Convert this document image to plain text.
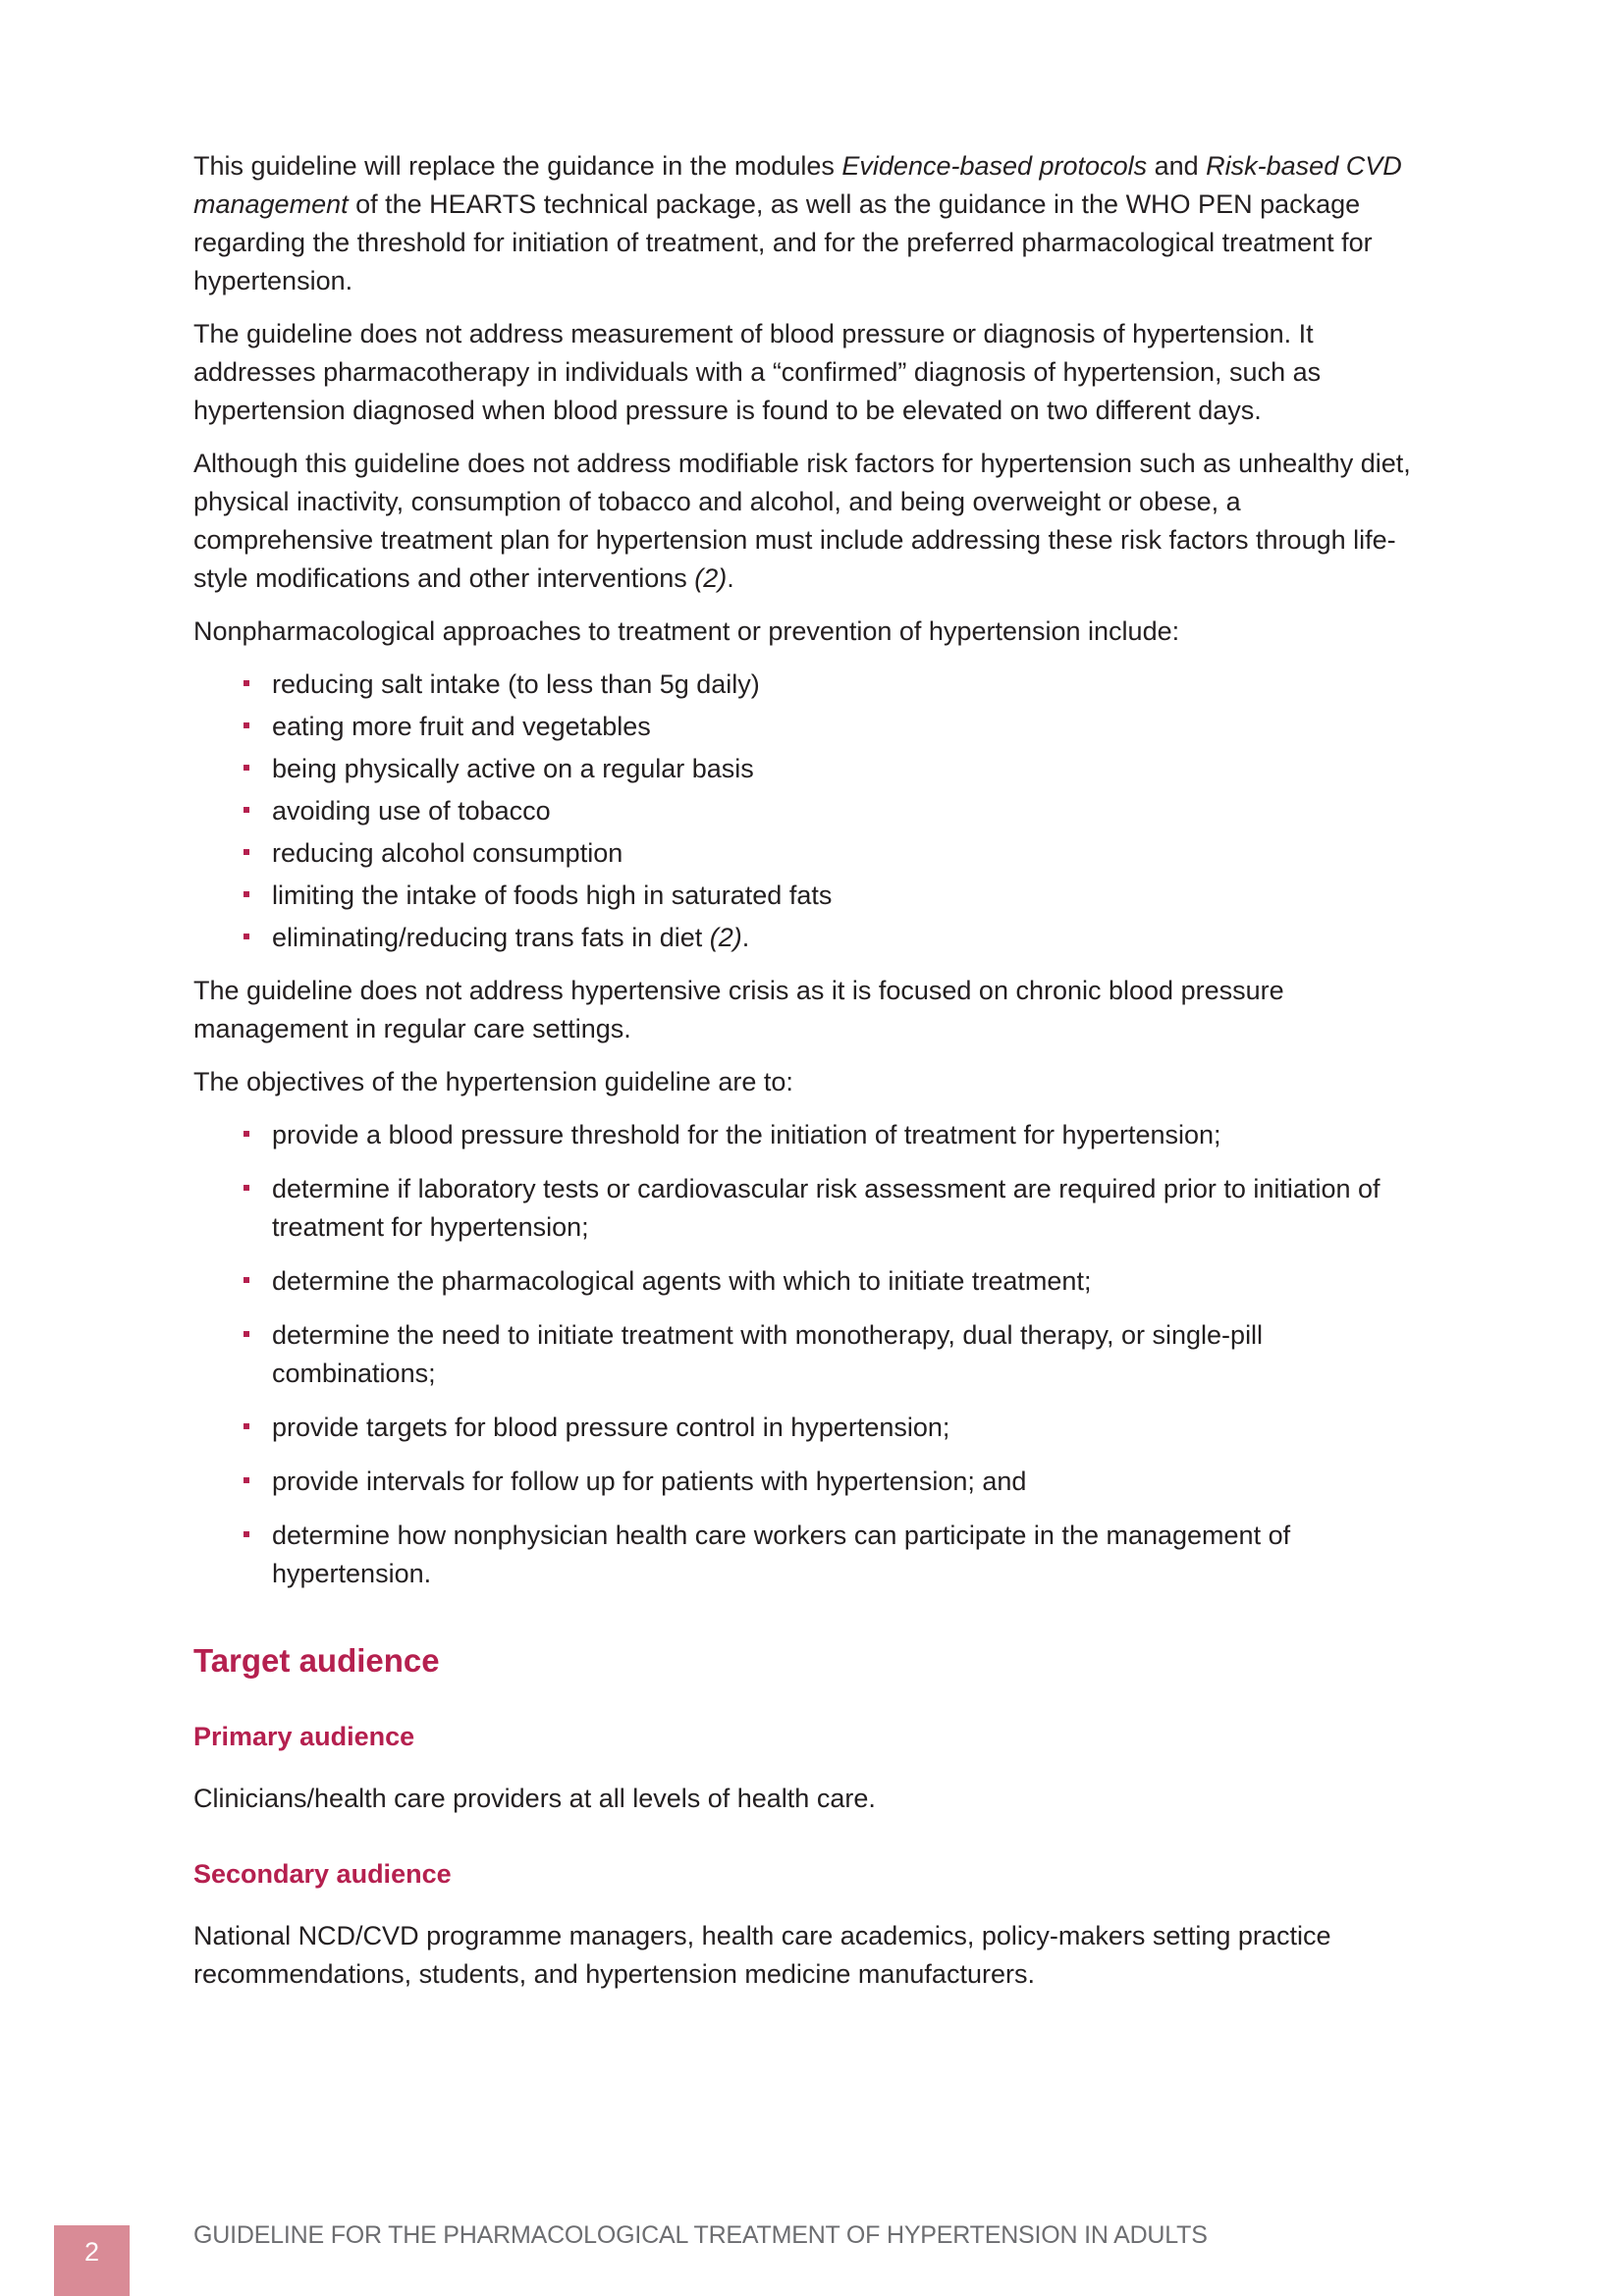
This guideline will replace the guidance in the modules Evidence-based protocols and Risk-based CVD management of the HEARTS technical package, as well as the guidance in the WHO PEN package regarding the threshold for initiation of treatment, and for the preferred pharmacological treatment for hypertension.

The guideline does not address measurement of blood pressure or diagnosis of hypertension. It addresses pharmacotherapy in individuals with a “confirmed” diagnosis of hypertension, such as hypertension diagnosed when blood pressure is found to be elevated on two different days.

Although this guideline does not address modifiable risk factors for hypertension such as unhealthy diet, physical inactivity, consumption of tobacco and alcohol, and being overweight or obese, a comprehensive treatment plan for hypertension must include addressing these risk factors through life-style modifications and other interventions (2).

Nonpharmacological approaches to treatment or prevention of hypertension include:

reducing salt intake (to less than 5g daily)
eating more fruit and vegetables
being physically active on a regular basis
avoiding use of tobacco
reducing alcohol consumption
limiting the intake of foods high in saturated fats
eliminating/reducing trans fats in diet (2).

The guideline does not address hypertensive crisis as it is focused on chronic blood pressure management in regular care settings.

The objectives of the hypertension guideline are to:

provide a blood pressure threshold for the initiation of treatment for hypertension;
determine if laboratory tests or cardiovascular risk assessment are required prior to initiation of treatment for hypertension;
determine the pharmacological agents with which to initiate treatment;
determine the need to initiate treatment with monotherapy, dual therapy, or single-pill combinations;
provide targets for blood pressure control in hypertension;
provide intervals for follow up for patients with hypertension; and
determine how nonphysician health care workers can participate in the management of hypertension.
Target audience
Primary audience

Clinicians/health care providers at all levels of health care.

Secondary audience

National NCD/CVD programme managers, health care academics, policy-makers setting practice recommendations, students, and hypertension medicine manufacturers.

2
GUIDELINE FOR THE PHARMACOLOGICAL TREATMENT OF HYPERTENSION IN ADULTS
